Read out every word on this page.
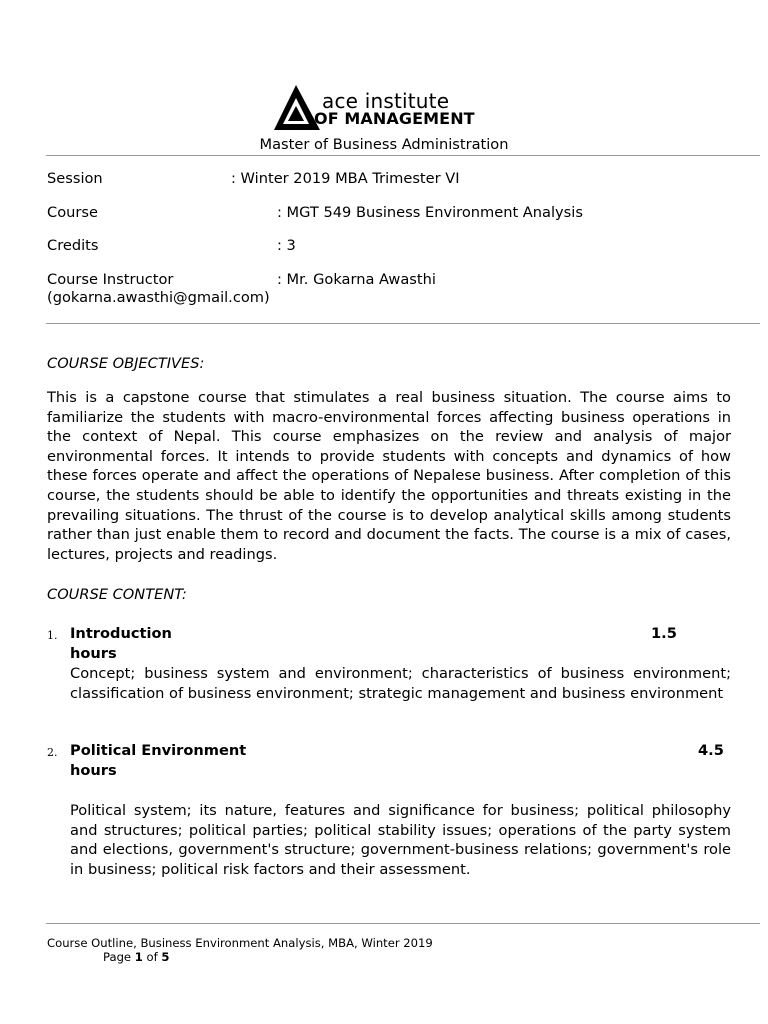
ace institute
OF MANAGEMENT
Master of Business Administration
Session	: Winter 2019 MBA Trimester VI
Course	: MGT 549 Business Environment Analysis
Credits	: 3
Course Instructor	: Mr. Gokarna Awasthi
(gokarna.awasthi@gmail.com)
COURSE OBJECTIVES:

This is a capstone course that stimulates a real business situation. The course aims to familiarize the students with macro-environmental forces affecting business operations in the context of Nepal. This course emphasizes on the review and analysis of major environmental forces. It intends to provide students with concepts and dynamics of how these forces operate and affect the operations of Nepalese business. After completion of this course, the students should be able to identify the opportunities and threats existing in the prevailing situations. The thrust of the course is to develop analytical skills among students rather than just enable them to record and document the facts. The course is a mix of cases, lectures, projects and readings.

COURSE CONTENT:
1. Introduction	1.5
hours

Concept; business system and environment; characteristics of business environment; classification of business environment; strategic management and business environment

2. Political Environment	4.5
hours

Political system; its nature, features and significance for business; political philosophy and structures; political parties; political stability issues; operations of the party system and elections, government's structure; government-business relations; government's role in business; political risk factors and their assessment.

Course Outline, Business Environment Analysis, MBA, Winter 2019
Page 1 of 5
